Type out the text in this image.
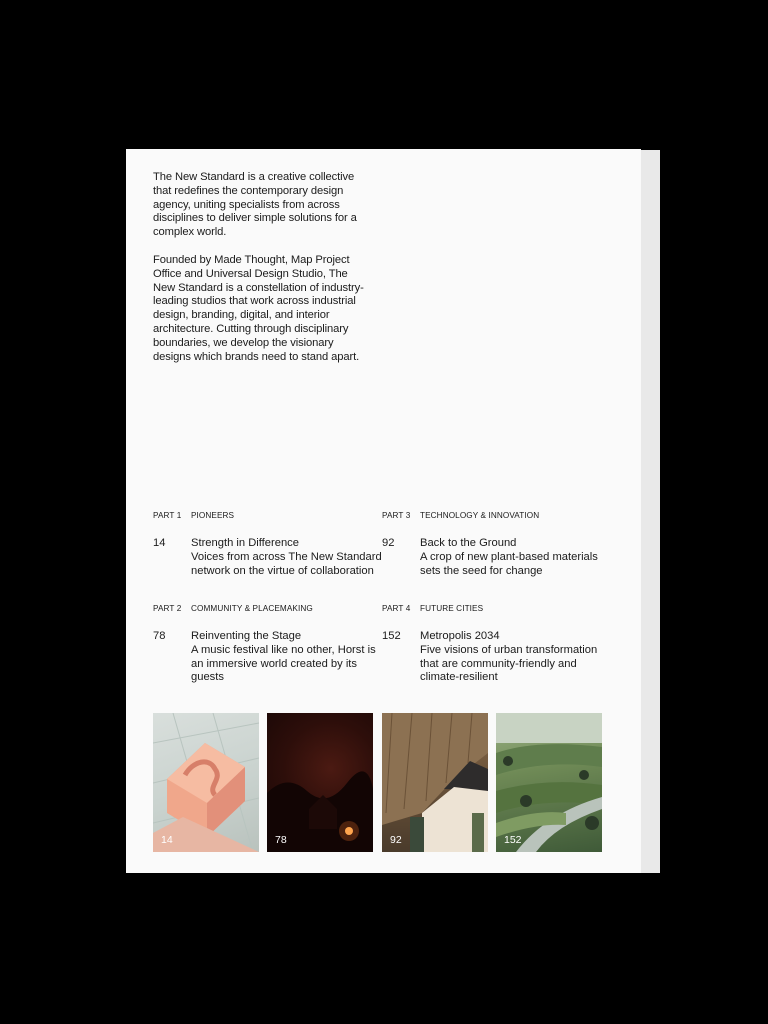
The New Standard is a creative collective that redefines the contemporary design agency, uniting specialists from across disciplines to deliver simple solutions for a complex world.

Founded by Made Thought, Map Project Office and Universal Design Studio, The New Standard is a constellation of industry-leading studios that work across industrial design, branding, digital, and interior architecture. Cutting through disciplinary boundaries, we develop the visionary designs which brands need to stand apart.

PART 1 PIONEERS
14 Strength in Difference
Voices from across The New Standard network on the virtue of collaboration
PART 2 COMMUNITY & PLACEMAKING
78 Reinventing the Stage
A music festival like no other, Horst is an immersive world created by its guests
PART 3 TECHNOLOGY & INNOVATION
92 Back to the Ground
A crop of new plant-based materials sets the seed for change
PART 4 FUTURE CITIES
152 Metropolis 2034
Five visions of urban transformation that are community-friendly and climate-resilient
14	78	92	152
